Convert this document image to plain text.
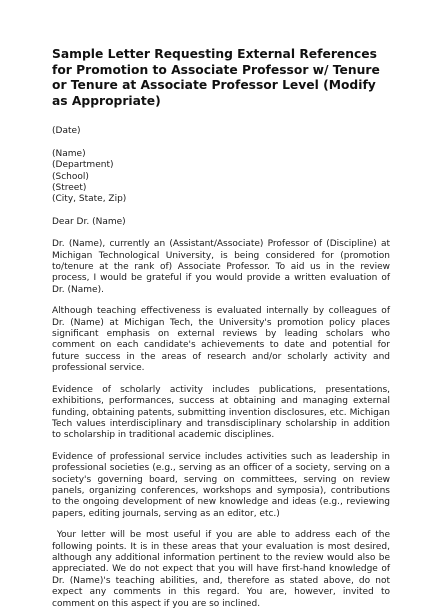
Sample Letter Requesting External References for Promotion to Associate Professor w/ Tenure or Tenure at Associate Professor Level (Modify as Appropriate)

(Date)

(Name)

(Department)

(School)

(Street)

(City, State, Zip)

Dear Dr. (Name)

Dr. (Name), currently an (Assistant/Associate) Professor of (Discipline) at Michigan Technological University, is being considered for (promotion to/tenure at the rank of) Associate Professor. To aid us in the review process, I would be grateful if you would provide a written evaluation of Dr. (Name).

Although teaching effectiveness is evaluated internally by colleagues of Dr. (Name) at Michigan Tech, the University's promotion policy places significant emphasis on external reviews by leading scholars who comment on each candidate's achievements to date and potential for future success in the areas of research and/or scholarly activity and professional service.

Evidence of scholarly activity includes publications, presentations, exhibitions, performances, success at obtaining and managing external funding, obtaining patents, submitting invention disclosures, etc. Michigan Tech values interdisciplinary and transdisciplinary scholarship in addition to scholarship in traditional academic disciplines.

Evidence of professional service includes activities such as leadership in professional societies (e.g., serving as an officer of a society, serving on a society's governing board, serving on committees, serving on review panels, organizing conferences, workshops and symposia), contributions to the ongoing development of new knowledge and ideas (e.g., reviewing papers, editing journals, serving as an editor, etc.)

Your letter will be most useful if you are able to address each of the following points. It is in these areas that your evaluation is most desired, although any additional information pertinent to the review would also be appreciated. We do not expect that you will have first-hand knowledge of Dr. (Name)'s teaching abilities, and, therefore as stated above, do not expect any comments in this regard. You are, however, invited to comment on this aspect if you are so inclined.
